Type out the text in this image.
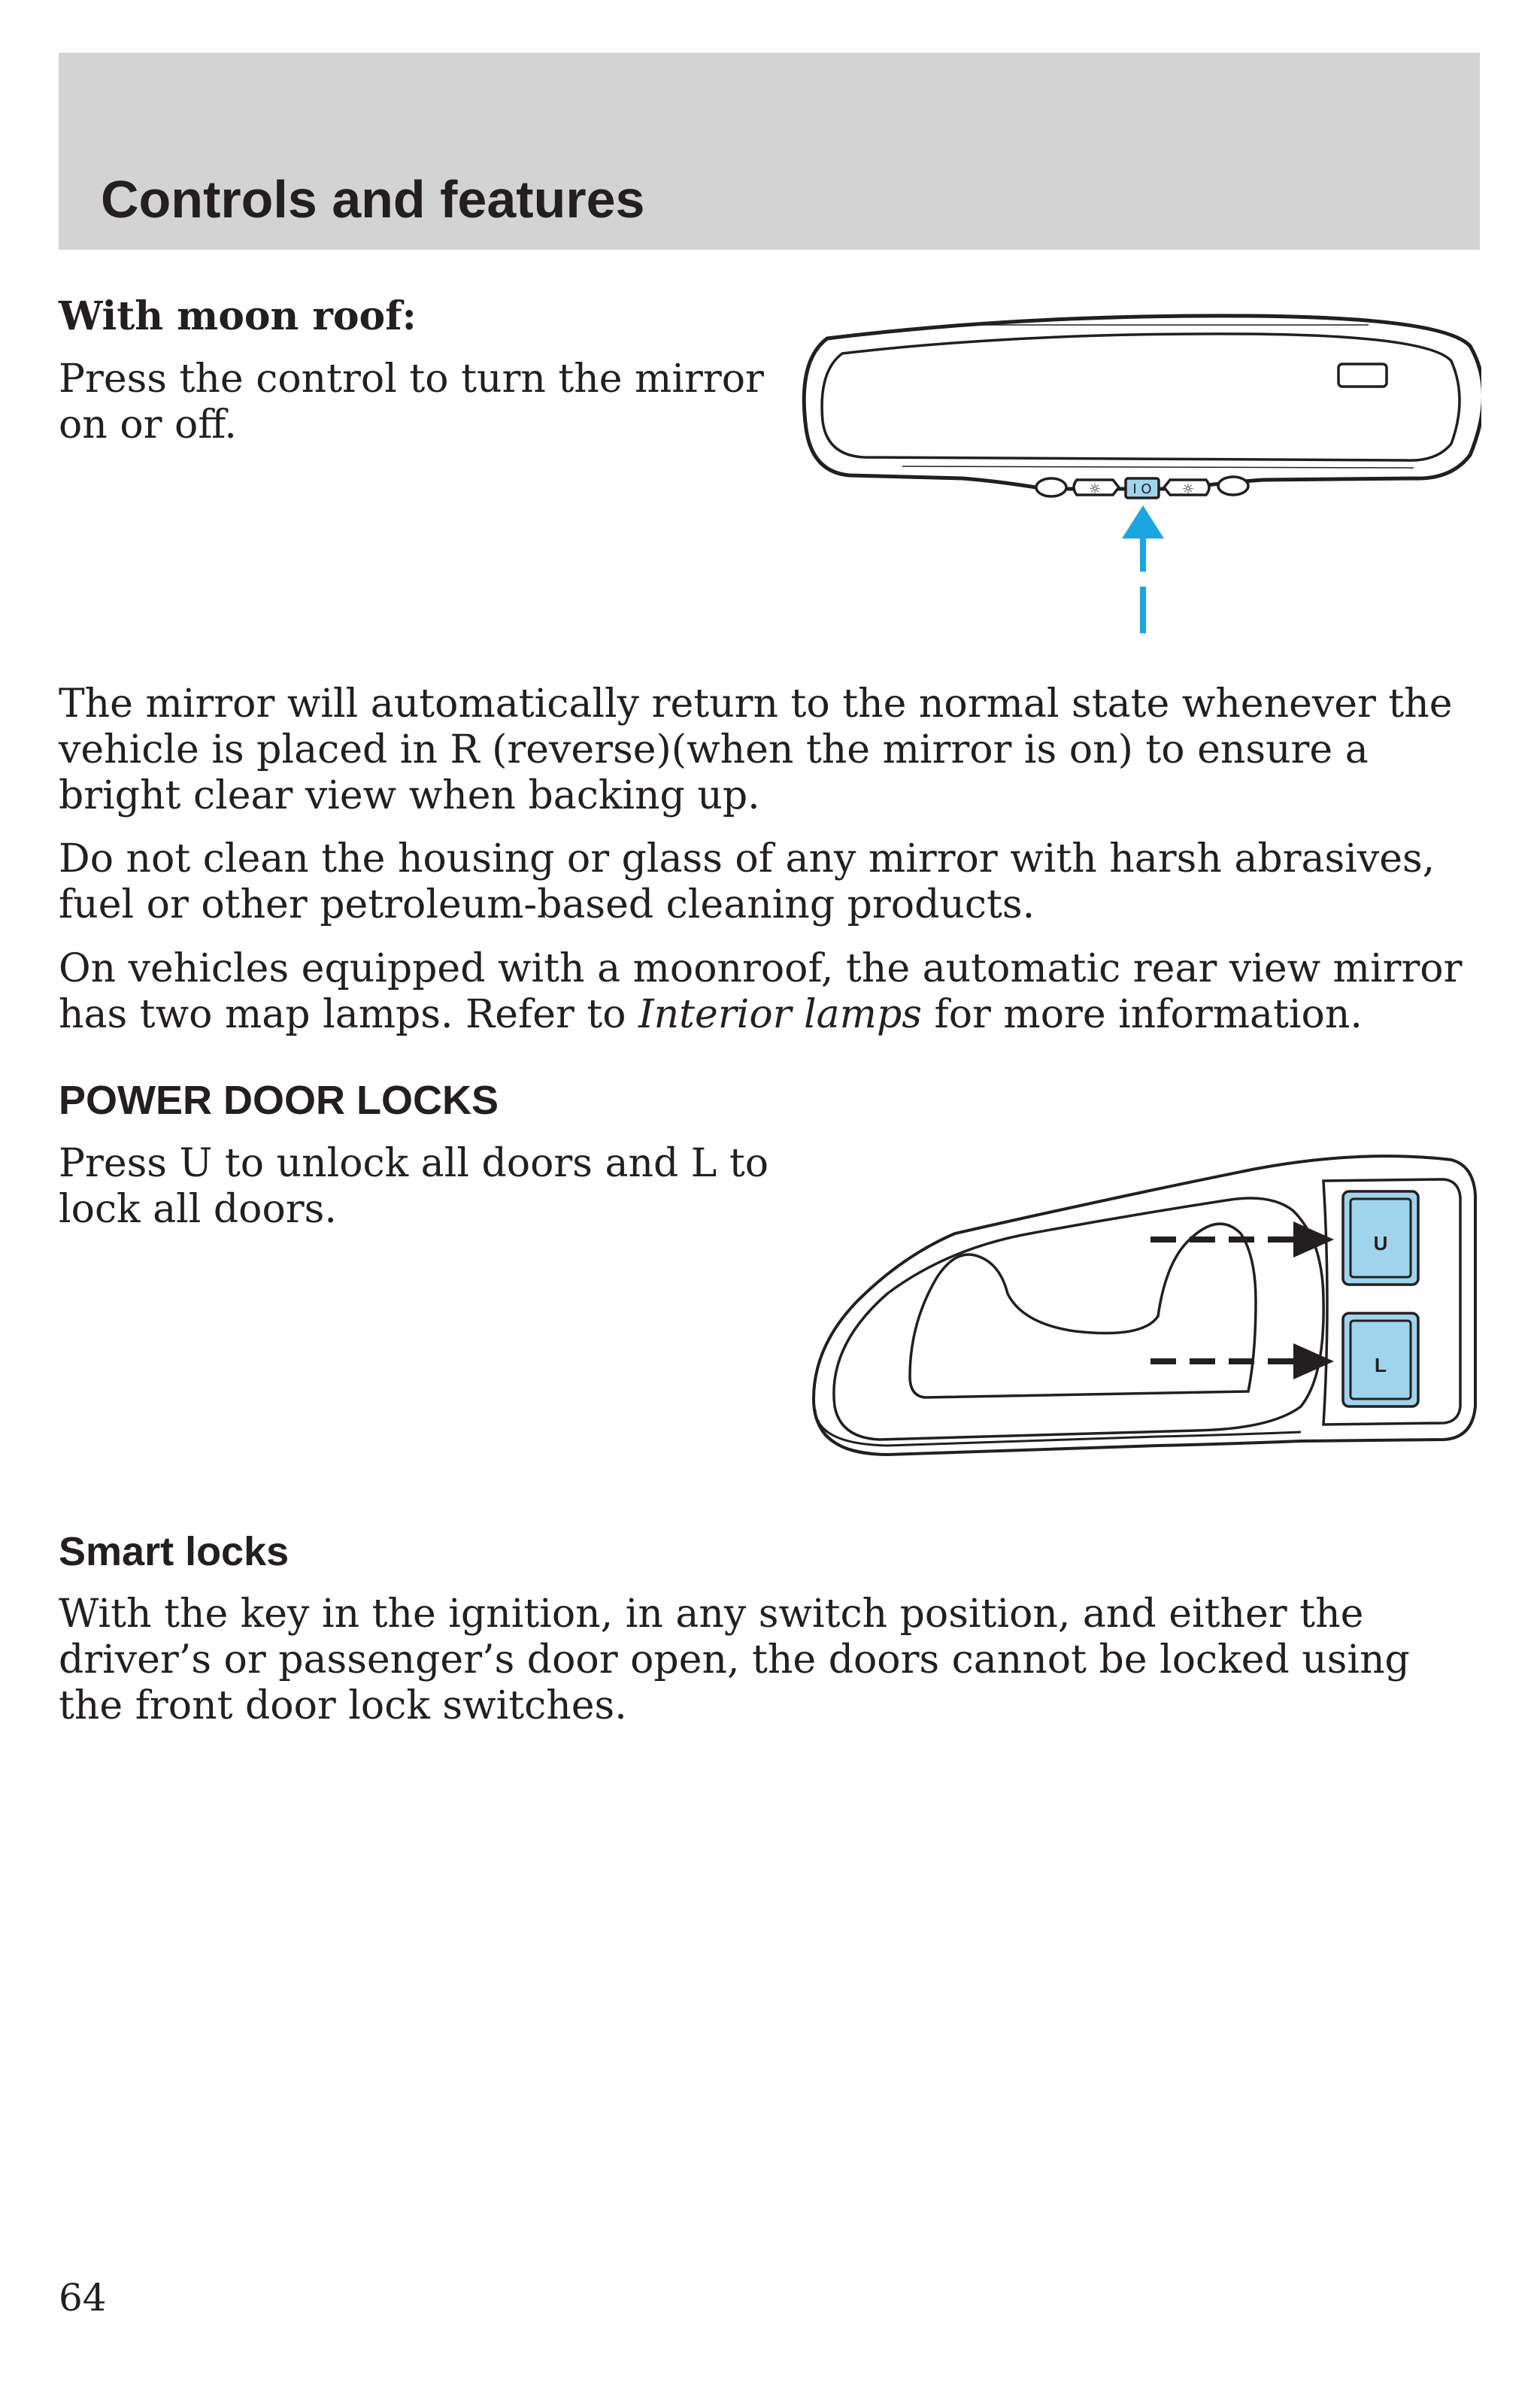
Controls and features

With moon roof:

Press the control to turn the mirror on or off.

☼ I O ☼

The mirror will automatically return to the normal state whenever the vehicle is placed in R (reverse)(when the mirror is on) to ensure a bright clear view when backing up.

Do not clean the housing or glass of any mirror with harsh abrasives, fuel or other petroleum-based cleaning products.

On vehicles equipped with a moonroof, the automatic rear view mirror has two map lamps. Refer to Interior lamps for more information.

POWER DOOR LOCKS

Press U to unlock all doors and L to lock all doors.

U
L
Smart locks

With the key in the ignition, in any switch position, and either the driver’s or passenger’s door open, the doors cannot be locked using the front door lock switches.

64
